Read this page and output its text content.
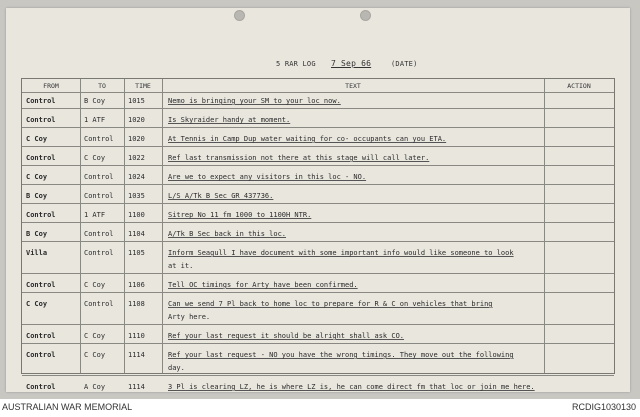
5 RAR LOG 7 Sep 66	(DATE)
FROM	TO	TIME	TEXT	ACTION
Control	B Coy	1015	Nemo is bringing your SM to your loc now.
Control	1 ATF	1020	Is Skyraider handy at moment.
C Coy	Control 1020	At Tennis in Camp Dup water waiting for co- occupants can you ETA.
Control	C Coy	1022	Ref last transmission not there at this stage will call later.
C Coy	Control 1024	Are we to expect any visitors in this loc - NO.
B Coy	Control 1035	L/S A/Tk B Sec GR 437736.
Control	1 ATF	1100	Sitrep No 11 fm 1000 to 1100H NTR.
B Coy	Control 1104	A/Tk B Sec back in this loc.
Villa	Control 1105	Inform Seagull I have document with some important info would like someone to look
at it.
Control	C Coy	1106	Tell OC timings for Arty have been confirmed.
C Coy	Control 1108	Can we send 7 Pl back to home loc to prepare for R & C on vehicles that bring
Arty here.
Control	C Coy	1110	Ref your last request it should be alright shall ask CO.
Control	C Coy	1114	Ref your last request - NO you have the wrong timings. They move out the following
day.
Control	A Coy	1114	3 Pl is clearing LZ, he is where LZ is, he can come direct fm that loc or join me here.
AUSTRALIAN WAR MEMORIAL	RCDIG1030130
